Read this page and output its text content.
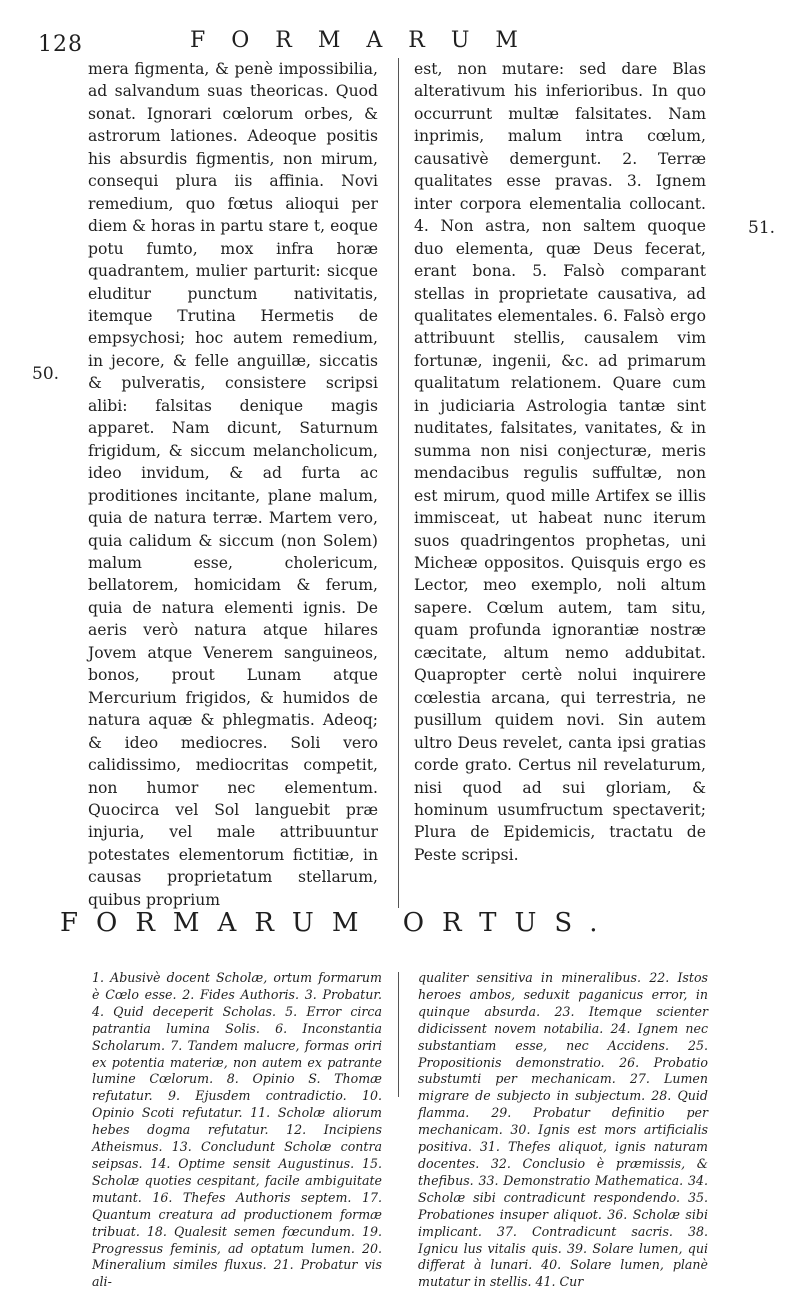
128	FORMARUM

mera figmenta, & penè impossibilia, ad salvandum suas theoricas. Quod sonat. Ignorari cœlorum orbes, & astrorum lationes. Adeoque positis his absurdis figmentis, non mirum, consequi plura iis affinia. Novi remedium, quo fœtus alioqui per diem & horas in partu stare t, eoque potu fumto, mox infra horæ quadrantem, mulier parturit: sicque eluditur punctum nativitatis, itemque Trutina Hermetis de empsychosi; hoc autem remedium, in jecore, & felle anguillæ, siccatis & pulveratis, consistere scripsi alibi: falsitas denique magis apparet. Nam dicunt, Saturnum frigidum, & siccum melancholicum, ideo invidum, & ad furta ac proditiones incitante, plane malum, quia de natura terræ. Martem vero, quia calidum & siccum (non Solem) malum esse, cholericum, bellatorem, homicidam & ferum, quia de natura elementi ignis. De aeris verò natura atque hilares Jovem atque Venerem sanguineos, bonos, prout Lunam atque Mercurium frigidos, & humidos de natura aquæ & phlegmatis. Adeoq; & ideo mediocres. Soli vero calidissimo, mediocritas competit, non humor nec elementum. Quocirca vel Sol languebit præ injuria, vel male attribuuntur potestates elementorum fictitiæ, in causas proprietatum stellarum, quibus proprium

est, non mutare: sed dare Blas alterativum his inferioribus. In quo occurrunt multæ falsitates. Nam inprimis, malum intra cœlum, causativè demergunt. 2. Terræ qualitates esse pravas. 3. Ignem inter corpora elementalia collocant. 4. Non astra, non saltem quoque duo elementa, quæ Deus fecerat, erant bona. 5. Falsò comparant stellas in proprietate causativa, ad qualitates elementales. 6. Falsò ergo attribuunt stellis, causalem vim fortunæ, ingenii, &c. ad primarum qualitatum relationem. Quare cum in judiciaria Astrologia tantæ sint nuditates, falsitates, vanitates, & in summa non nisi conjecturæ, meris mendacibus regulis suffultæ, non est mirum, quod mille Artifex se illis immisceat, ut habeat nunc iterum suos quadringentos prophetas, uni Micheæ oppositos. Quisquis ergo es Lector, meo exemplo, noli altum sapere. Cœlum autem, tam situ, quam profunda ignorantiæ nostræ cæcitate, altum nemo addubitat. Quapropter certè nolui inquirere cœlestia arcana, qui terrestria, ne pusillum quidem novi. Sin autem ultro Deus revelet, canta ipsi gratias corde grato. Certus nil revelaturum, nisi quod ad sui gloriam, & hominum usumfructum spectaverit; Plura de Epidemicis, tractatu de Peste scripsi.

50.
51.
FORMARUM ORTUS.
1. Abusivè docent Scholæ, ortum formarum è Cœlo esse. 2. Fides Authoris. 3. Probatur. 4. Quid deceperit Scholas. 5. Error circa patrantia lumina Solis. 6. Inconstantia Scholarum. 7. Tandem malucre, formas oriri ex potentia materiæ, non autem ex patrante lumine Cœlorum. 8. Opinio S. Thomæ refutatur. 9. Ejusdem contradictio. 10. Opinio Scoti refutatur. 11. Scholæ aliorum hebes dogma refutatur. 12. Incipiens Atheismus. 13. Concludunt Scholæ contra seipsas. 14. Optime sensit Augustinus. 15. Scholæ quoties cespitant, facile ambiguitate mutant. 16. Thefes Authoris septem. 17. Quantum creatura ad productionem formæ tribuat. 18. Qualesit semen fœcundum. 19. Progressus feminis, ad optatum lumen. 20. Mineralium similes fluxus. 21. Probatur vis ali-
qualiter sensitiva in mineralibus. 22. Istos heroes ambos, seduxit paganicus error, in quinque absurda. 23. Itemque scienter didicissent novem notabilia. 24. Ignem nec substantiam esse, nec Accidens. 25. Propositionis demonstratio. 26. Probatio substumti per mechanicam. 27. Lumen migrare de subjecto in subjectum. 28. Quid flamma. 29. Probatur definitio per mechanicam. 30. Ignis est mors artificialis positiva. 31. Thefes aliquot, ignis naturam docentes. 32. Conclusio è præmissis, & thefibus. 33. Demonstratio Mathematica. 34. Scholæ sibi contradicunt respondendo. 35. Probationes insuper aliquot. 36. Scholæ sibi implicant. 37. Contradicunt sacris. 38. Ignicu lus vitalis quis. 39. Solare lumen, qui differat à lunari. 40. Solare lumen, planè mutatur in stellis. 41. Cur
